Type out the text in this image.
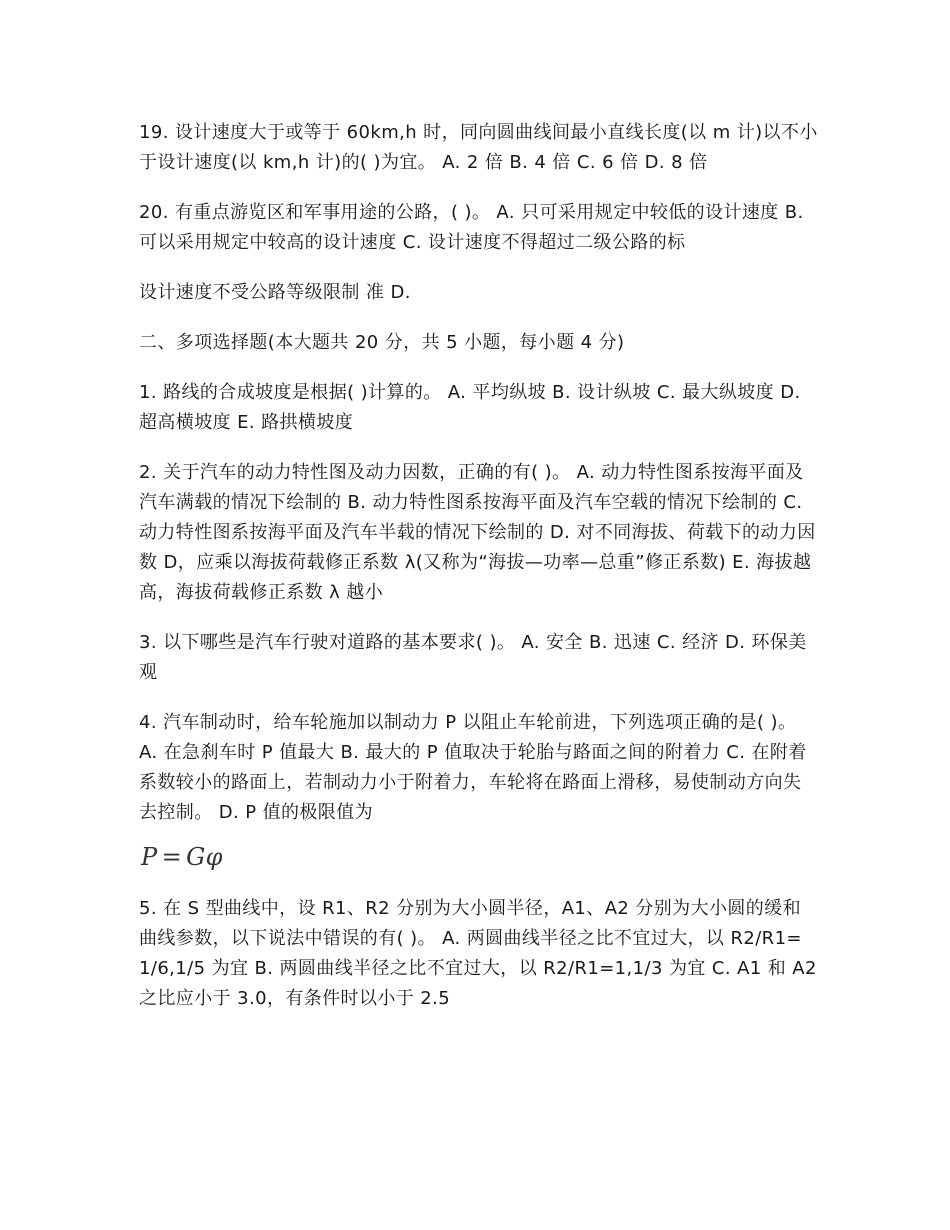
19. 设计速度大于或等于 60km,h 时，同向圆曲线间最小直线长度(以 m 计)以不小于设计速度(以 km,h 计)的( )为宜。 A. 2 倍 B. 4 倍 C. 6 倍 D. 8 倍

20. 有重点游览区和军事用途的公路，( )。 A. 只可采用规定中较低的设计速度 B. 可以采用规定中较高的设计速度 C. 设计速度不得超过二级公路的标

设计速度不受公路等级限制 准 D.

二、多项选择题(本大题共 20 分，共 5 小题，每小题 4 分)

1. 路线的合成坡度是根据( )计算的。 A. 平均纵坡 B. 设计纵坡 C. 最大纵坡度 D. 超高横坡度 E. 路拱横坡度

2. 关于汽车的动力特性图及动力因数，正确的有( )。 A. 动力特性图系按海平面及汽车满载的情况下绘制的 B. 动力特性图系按海平面及汽车空载的情况下绘制的 C. 动力特性图系按海平面及汽车半载的情况下绘制的 D. 对不同海拔、荷载下的动力因数 D，应乘以海拔荷载修正系数 λ(又称为“海拔—功率—总重”修正系数) E. 海拔越高，海拔荷载修正系数 λ 越小

3. 以下哪些是汽车行驶对道路的基本要求( )。 A. 安全 B. 迅速 C. 经济 D. 环保美观

4. 汽车制动时，给车轮施加以制动力 P 以阻止车轮前进，下列选项正确的是( )。 A. 在急刹车时 P 值最大 B. 最大的 P 值取决于轮胎与路面之间的附着力 C. 在附着系数较小的路面上，若制动力小于附着力，车轮将在路面上滑移，易使制动方向失去控制。 D. P 值的极限值为

P = Gφ

5. 在 S 型曲线中，设 R1、R2 分别为大小圆半径，A1、A2 分别为大小圆的缓和曲线参数，以下说法中错误的有( )。 A. 两圆曲线半径之比不宜过大，以 R2/R1=1/6,1/5 为宜 B. 两圆曲线半径之比不宜过大，以 R2/R1=1,1/3 为宜 C. A1 和 A2 之比应小于 3.0，有条件时以小于 2.5
